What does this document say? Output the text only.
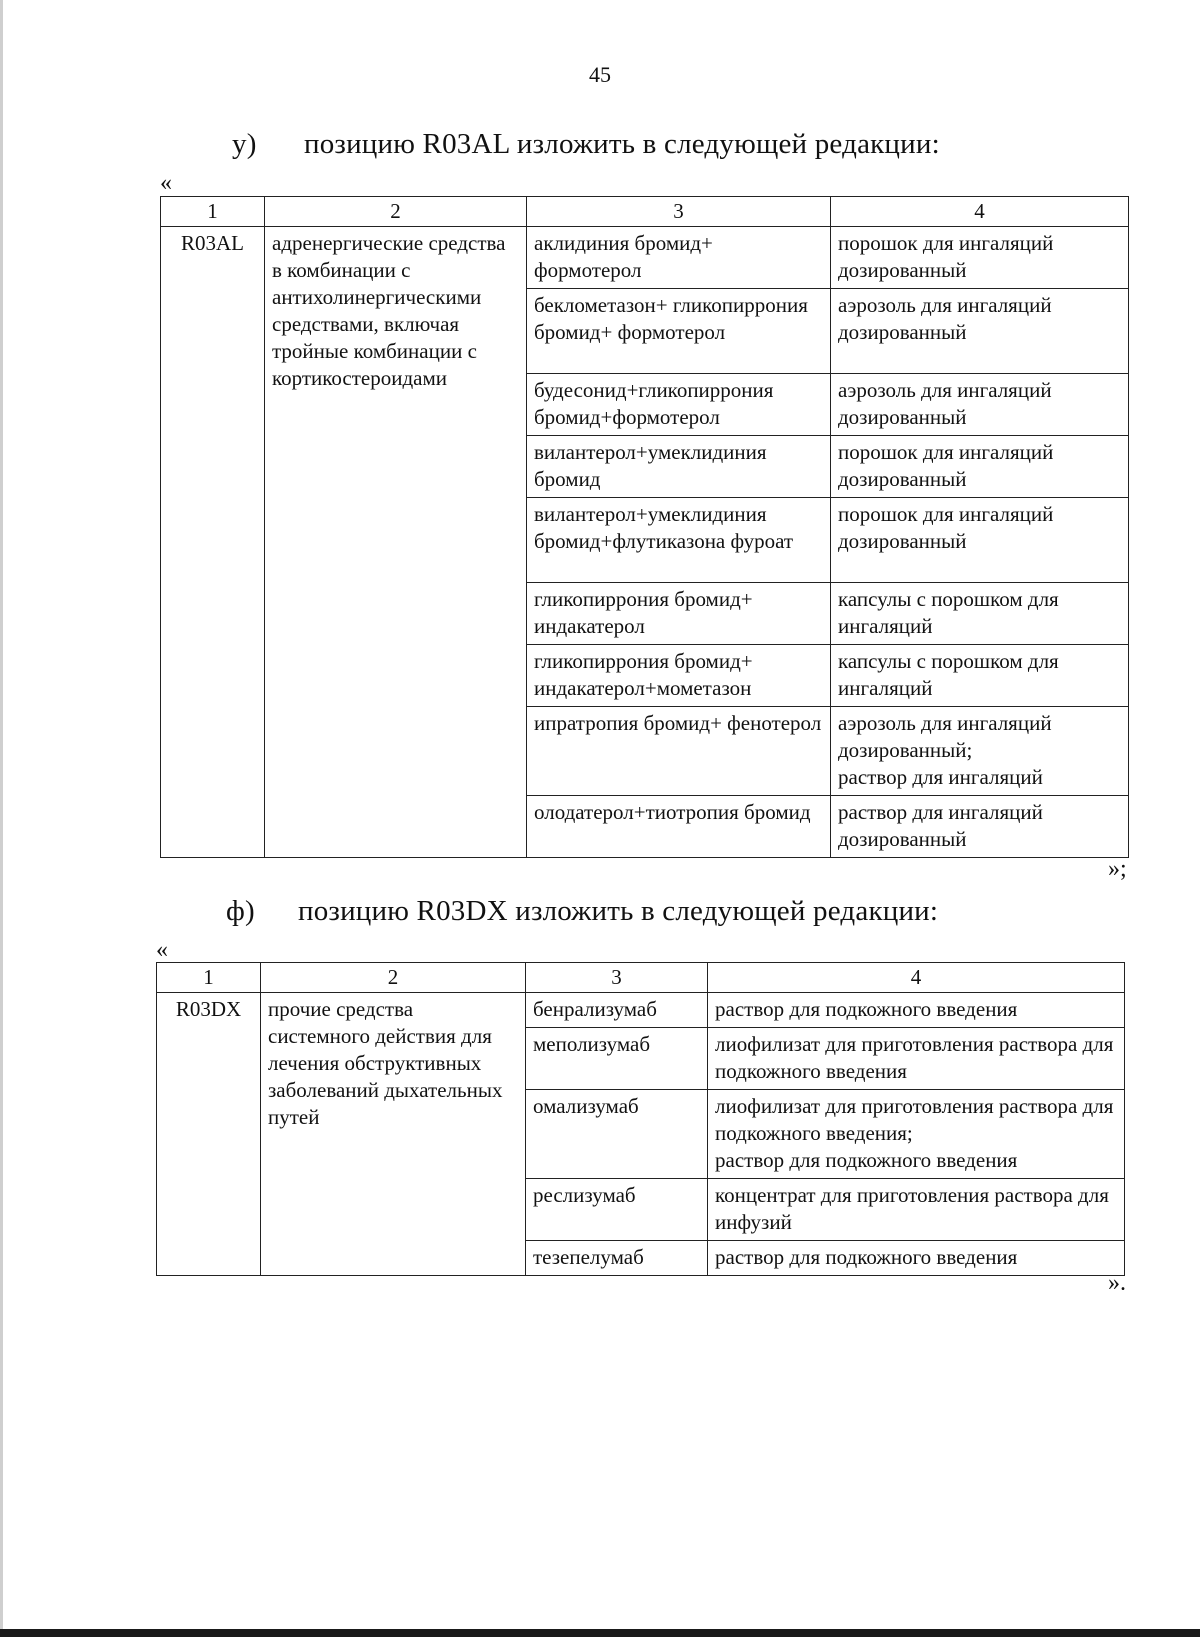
45
у) позицию R03AL изложить в следующей редакции:
«
1	2	3	4
R03AL	адренергические средства в комбинации с антихолинергическими средствами, включая тройные комбинации с кортикостероидами	аклидиния бромид+ формотерол	порошок для ингаляций дозированный
		беклометазон+ гликопиррония бромид+ формотерол	аэрозоль для ингаляций дозированный
		будесонид+гликопиррония бромид+формотерол	аэрозоль для ингаляций дозированный
		вилантерол+умеклидиния бромид	порошок для ингаляций дозированный
		вилантерол+умеклидиния бромид+флутиказона фуроат	порошок для ингаляций дозированный
		гликопиррония бромид+ индакатерол	капсулы с порошком для ингаляций
		гликопиррония бромид+ индакатерол+мометазон	капсулы с порошком для ингаляций
		ипратропия бромид+ фенотерол	аэрозоль для ингаляций дозированный;
раствор для ингаляций

		олодатерол+тиотропия бромид	раствор для ингаляций дозированный
»;
ф) позицию R03DX изложить в следующей редакции:
«
1	2	3	4
R03DX	прочие средства системного действия для лечения обструктивных заболеваний дыхательных путей	бенрализумаб	раствор для подкожного введения
		меполизумаб	лиофилизат для приготовления раствора для подкожного введения
		омализумаб	лиофилизат для приготовления раствора для подкожного введения;
раствор для подкожного введения

		реслизумаб	концентрат для приготовления раствора для инфузий
		тезепелумаб	раствор для подкожного введения
».
